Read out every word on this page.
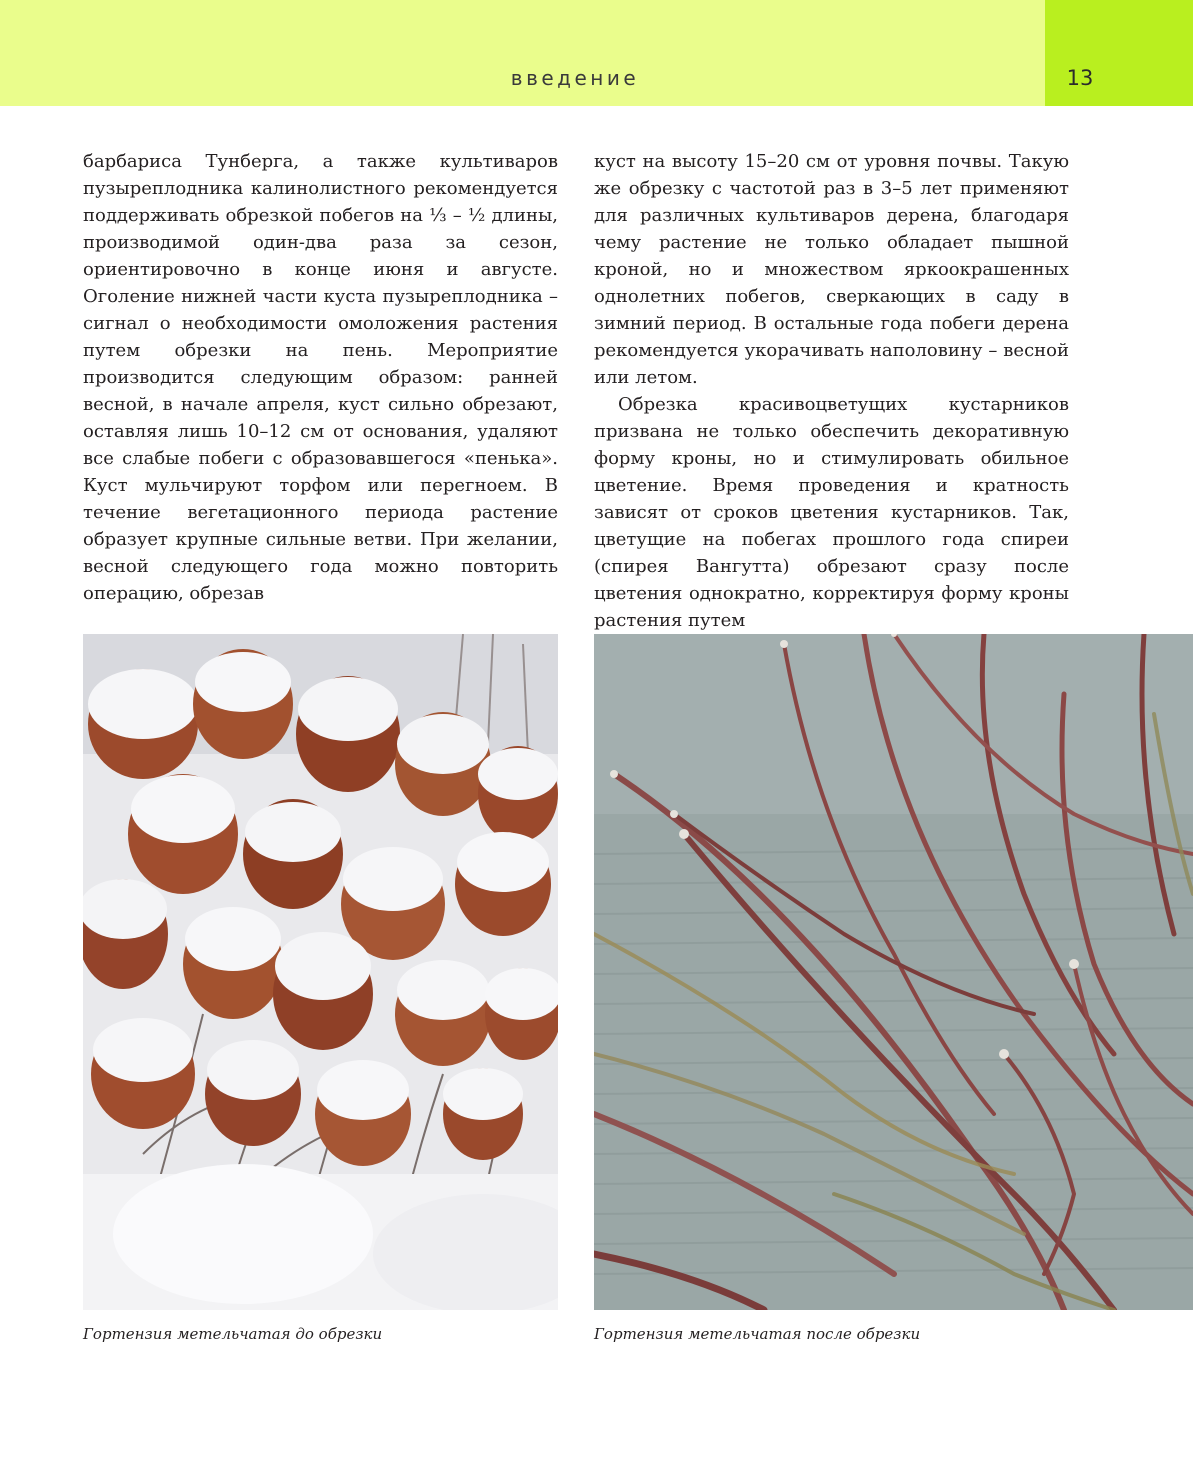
введение	13

барбариса Тунберга, а также культиваров пузыреплодника калинолистного рекомендуется поддерживать обрезкой побегов на ⅓ – ½ длины, производимой один-два раза за сезон, ориентировочно в конце июня и августе. Оголение нижней части куста пузыреплодника – сигнал о необходимости омоложения растения путем обрезки на пень. Мероприятие производится следующим образом: ранней весной, в начале апреля, куст сильно обрезают, оставляя лишь 10–12 см от основания, удаляют все слабые побеги с образовавшегося «пенька». Куст мульчируют торфом или перегноем. В течение вегетационного периода растение образует крупные сильные ветви. При желании, весной следующего года можно повторить операцию, обрезав

куст на высоту 15–20 см от уровня почвы. Такую же обрезку с частотой раз в 3–5 лет применяют для различных культиваров дерена, благодаря чему растение не только обладает пышной кроной, но и множеством яркоокрашенных однолетних побегов, сверкающих в саду в зимний период. В остальные года побеги дерена рекомендуется укорачивать наполовину – весной или летом.

Обрезка красивоцветущих кустарников призвана не только обеспечить декоративную форму кроны, но и стимулировать обильное цветение. Время проведения и кратность зависят от сроков цветения кустарников. Так, цветущие на побегах прошлого года спиреи (спирея Вангутта) обрезают сразу после цветения однократно, корректируя форму кроны растения путем

Гортензия метельчатая до обрезки	Гортензия метельчатая после обрезки
